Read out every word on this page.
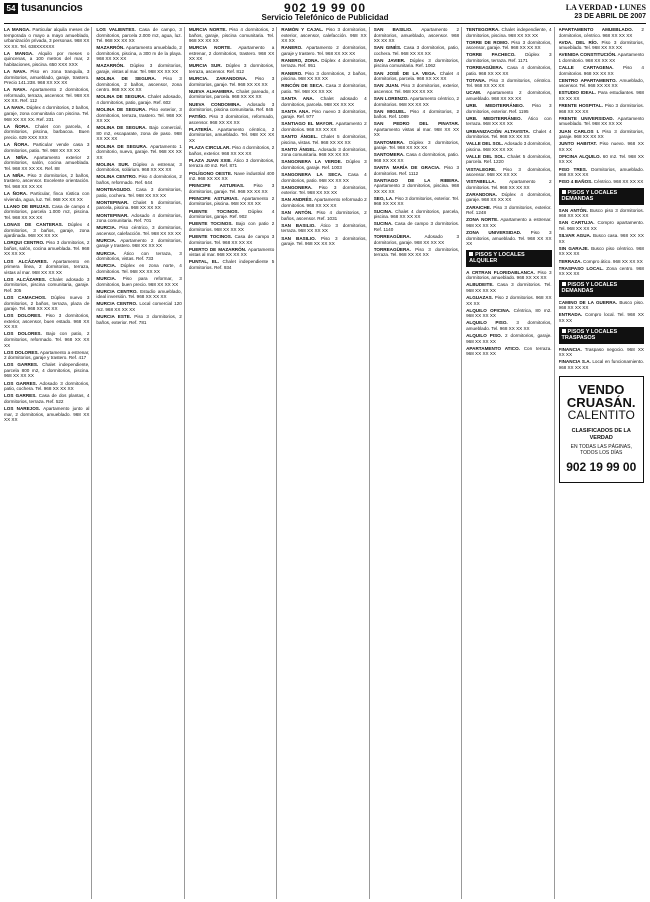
54 tusanuncios	902 19 99 00
Servicio Telefónico de Publicidad
LA VERDAD • LUNES
23 DE ABRIL DE 2007

LA MANGA. Particular alquila meses de temporada o mayo a mayo amueblado, urbanización privada, 3 personas. 968 XX XX XX. Tel. 638XXXXXX

LA MANGA. Alquilo por meses o quincenas, a 100 metros del mar, 2 habitaciones, piscina. 650 XXX XXX

LA NAVA. Piso en zona tranquila, 3 dormitorios, amueblado, garaje, trastero. Precio 141.238. 968 XX XX XX

LA NAVA. Apartamento 2 dormitorios, reformado, terraza, ascensor. Tel. 968 XX XX XX. Ref. 112

LA NAVA. Dúplex 4 dormitorios, 2 baños, garaje, zona comunitaria con piscina. Tel. 968 XX XX XX. Ref. 231

LA ÑORA. Chalet con parcela, 4 dormitorios, piscina, barbacoa. Buen precio. 629 XXX XXX

LA ÑORA. Particular vende casa 3 dormitorios, patio. Tel. 968 XX XX XX

LA NIÑA. Apartamento exterior 2 dormitorios, salón, cocina amueblada. Tel. 968 XX XX XX. Ref. 88

LA NIÑA. Piso 3 dormitorios, 2 baños, trastero, ascensor. Excelente orientación. Tel. 968 XX XX XX

LA ÑORA. Particular, finca rústica con vivienda, agua, luz. Tel. 968 XX XX XX

LLANO DE BRUJAS. Casa de campo 4 dormitorios, parcela 1.000 m2, piscina. Tel. 968 XX XX XX

LONAS DE CANTERAS. Dúplex 4 dormitorios, 3 baños, garaje, zona ajardinada. 968 XX XX XX

LORQUI CENTRO. Piso 3 dormitorios, 2 baños, salón, cocina amueblada. Tel. 968 XX XX XX

LOS ALCÁZARES. Apartamento en primera línea, 2 dormitorios, terraza, vistas al mar. 968 XX XX XX

LOS ALCÁZARES. Chalet adosado 3 dormitorios, piscina comunitaria, garaje. Ref. 305

LOS CAMACHOS. Dúplex nuevo 3 dormitorios, 2 baños, terraza, plaza de garaje. Tel. 968 XX XX XX

LOS DOLORES. Piso 3 dormitorios, exterior, ascensor, buen estado. 968 XX XX XX

LOS DOLORES. Bajo con patio, 2 dormitorios, reformado. Tel. 968 XX XX XX

LOS DOLORES. Apartamento a estrenar, 2 dormitorios, garaje y trastero. Ref. 417

LOS GARRES. Chalet independiente, parcela 800 m2, 4 dormitorios, piscina. 968 XX XX XX

LOS GARRES. Adosado 3 dormitorios, patio, cochera. Tel. 968 XX XX XX

LOS GARRES. Casa de dos plantas, 4 dormitorios, terraza. Ref. 522

LOS NAREJOS. Apartamento junto al mar, 2 dormitorios, amueblado. 968 XX XX XX

LOS VALIENTES. Casa de campo, 3 dormitorios, parcela 2.000 m2, agua, luz. Tel. 968 XX XX XX

MAZARRÓN. Apartamento amueblado, 2 dormitorios, piscina, a 300 m de la playa. 968 XX XX XX

MAZARRÓN. Dúplex 3 dormitorios, garaje, vistas al mar. Tel. 968 XX XX XX

MOLINA DE SEGURA. Piso 3 dormitorios, 2 baños, ascensor, zona centro. 968 XX XX XX

MOLINA DE SEGURA. Chalet adosado, 4 dormitorios, patio, garaje. Ref. 602

MOLINA DE SEGURA. Piso exterior, 3 dormitorios, terraza, trastero. Tel. 968 XX XX XX

MOLINA DE SEGURA. Bajo comercial, 80 m2, escaparate, zona de paso. 968 XX XX XX

MOLINA DE SEGURA. Apartamento 1 dormitorio, nuevo, garaje. Tel. 968 XX XX XX

MOLINA SUR. Dúplex a estrenar, 3 dormitorios, solárium. 968 XX XX XX

MOLINA CENTRO. Piso 4 dormitorios, 2 baños, reformado. Ref. 644

MONTEAGUDO. Casa 3 dormitorios, patio, cochera. Tel. 968 XX XX XX

MONTEPINAR. Chalet 5 dormitorios, parcela, piscina. 968 XX XX XX

MONTEPINAR. Adosado 4 dormitorios, zona comunitaria. Ref. 701

MURCIA. Piso céntrico, 3 dormitorios, ascensor, calefacción. Tel. 968 XX XX XX

MURCIA. Apartamento 2 dormitorios, garaje y trastero. 968 XX XX XX

MURCIA. Ático con terraza, 3 dormitorios, vistas. Ref. 733

MURCIA. Dúplex en zona norte, 4 dormitorios. Tel. 968 XX XX XX

MURCIA. Piso para reformar, 3 dormitorios, buen precio. 968 XX XX XX

MURCIA CENTRO. Estudio amueblado, ideal inversión. Tel. 968 XX XX XX

MURCIA CENTRO. Local comercial 120 m2. 968 XX XX XX

MURCIA ESTE. Piso 3 dormitorios, 2 baños, exterior. Ref. 781

MURCIA NORTE. Piso 4 dormitorios, 2 baños, garaje, piscina comunitaria. Tel. 968 XX XX XX

MURCIA NORTE. Apartamento a estrenar, 2 dormitorios, trastero. 968 XX XX XX

MURCIA SUR. Dúplex 3 dormitorios, terraza, ascensor. Ref. 812

MURCIA. ZARANDONA. Piso 3 dormitorios, garaje. Tel. 968 XX XX XX

NUEVA ALHAMBRA. Chalet pareado, 4 dormitorios, parcela. 968 XX XX XX

NUEVA CONDOMINA. Adosado 3 dormitorios, piscina comunitaria. Ref. 845

PATIÑO. Piso 3 dormitorios, reformado, ascensor. 968 XX XX XX

PLATERÍA. Apartamento céntrico, 2 dormitorios, amueblado. Tel. 968 XX XX XX

PLAZA CIRCULAR. Piso 4 dormitorios, 2 baños, exterior. 968 XX XX XX

PLAZA JUAN XXIII. Ático 3 dormitorios, terraza 40 m2. Ref. 871

POLÍGONO OESTE. Nave industrial 400 m2. 968 XX XX XX

PRINCIPE ASTURIAS. Piso 3 dormitorios, garaje. Tel. 968 XX XX XX

PRINCIPE ASTURIAS. Apartamento 2 dormitorios, piscina. 968 XX XX XX

PUENTE TOCINOS. Dúplex 4 dormitorios, garaje. Ref. 902

PUENTE TOCINOS. Bajo con patio 2 dormitorios. 968 XX XX XX

PUENTE TOCINOS. Casa de campo 3 dormitorios. Tel. 968 XX XX XX

PUERTO DE MAZARRÓN. Apartamento vistas al mar. 968 XX XX XX

PUNTAL, EL. Chalet independiente 5 dormitorios. Ref. 934

RAMÓN Y CAJAL. Piso 3 dormitorios, exterior, ascensor, calefacción. 968 XX XX XX

RANERO. Apartamento 2 dormitorios, garaje y trastero. Tel. 968 XX XX XX

RANERO, ZONA. Dúplex 4 dormitorios, terraza. Ref. 951

RANERO. Piso 3 dormitorios, 2 baños, piscina. 968 XX XX XX

RINCÓN DE SECA. Casa 3 dormitorios, patio. Tel. 968 XX XX XX

SANTA ANA. Chalet adosado 4 dormitorios, parcela. 968 XX XX XX

SANTA ANA. Piso nuevo 3 dormitorios, garaje. Ref. 977

SANTIAGO EL MAYOR. Apartamento 2 dormitorios. 968 XX XX XX

SANTO ÁNGEL. Chalet 5 dormitorios, piscina, vistas. Tel. 968 XX XX XX

SANTO ÁNGEL. Adosado 3 dormitorios, zona comunitaria. 968 XX XX XX

SANGONERA LA VERDE. Dúplex 3 dormitorios, garaje. Ref. 1003

SANGONERA LA SECA. Casa 4 dormitorios, patio. 968 XX XX XX

SANGONERA. Piso 3 dormitorios, exterior. Tel. 968 XX XX XX

SAN ANDRÉS. Apartamento reformado 2 dormitorios. 968 XX XX XX

SAN ANTÓN. Piso 4 dormitorios, 2 baños, ascensor. Ref. 1031

SAN BASILIO. Ático 3 dormitorios, terraza. 968 XX XX XX

SAN BASILIO. Piso 3 dormitorios, garaje. Tel. 968 XX XX XX

SAN BASILIO. Apartamento 2 dormitorios, amueblado, ascensor. 968 XX XX XX

SAN GINÉS. Casa 3 dormitorios, patio, cochera. Tel. 968 XX XX XX

SAN JAVIER. Dúplex 3 dormitorios, piscina comunitaria. Ref. 1062

SAN JOSÉ DE LA VEGA. Chalet 4 dormitorios, parcela. 968 XX XX XX

SAN JUAN. Piso 3 dormitorios, exterior, ascensor. Tel. 968 XX XX XX

SAN LORENZO. Apartamento céntrico, 2 dormitorios. 968 XX XX XX

SAN MIGUEL. Piso 4 dormitorios, 2 baños. Ref. 1089

SAN PEDRO DEL PINATAR. Apartamento vistas al mar. 968 XX XX XX

SANTOMERA. Dúplex 3 dormitorios, garaje. Tel. 968 XX XX XX

SANTOMERA. Casa 4 dormitorios, patio. 968 XX XX XX

SANTA MARÍA DE GRACIA. Piso 3 dormitorios. Ref. 1112

SANTIAGO DE LA RIBERA. Apartamento 2 dormitorios, piscina. 968 XX XX XX

SEO, LA. Piso 3 dormitorios, exterior. Tel. 968 XX XX XX

SUCINA. Chalet 4 dormitorios, parcela, piscina. 968 XX XX XX

SUCINA. Casa de campo 3 dormitorios. Ref. 1140

TORREAGÜERA. Adosado 3 dormitorios, garaje. 968 XX XX XX

TORREAGÜERA. Piso 3 dormitorios, terraza. Tel. 968 XX XX XX

TENTEGORRA. Chalet independiente, 4 dormitorios, piscina. 968 XX XX XX

TORRE DE ROMO. Piso 3 dormitorios, ascensor, garaje. Tel. 968 XX XX XX

TORRE PACHECO. Dúplex 3 dormitorios, terraza. Ref. 1171

TORREAGÜERA. Casa 4 dormitorios, patio. 968 XX XX XX

TOTANA. Piso 3 dormitorios, céntrico. Tel. 968 XX XX XX

UCAM. Apartamento 2 dormitorios, amueblado. 968 XX XX XX

URB. MEDITERRÁNEO. Piso 3 dormitorios, exterior. Ref. 1195

URB. MEDITERRÁNEO. Ático con terraza. 968 XX XX XX

URBANIZACIÓN ALTAVISTA. Chalet 4 dormitorios. Tel. 968 XX XX XX

VALLE DEL SOL. Adosado 3 dormitorios, piscina. 968 XX XX XX

VALLE DEL SOL. Chalet 5 dormitorios, parcela. Ref. 1220

VISTALEGRE. Piso 3 dormitorios, ascensor. 968 XX XX XX

VISTABELLA. Apartamento 2 dormitorios. Tel. 968 XX XX XX

ZARANDONA. Dúplex 4 dormitorios, garaje. 968 XX XX XX

ZARAICHE. Piso 3 dormitorios, exterior. Ref. 1248

ZONA NORTE. Apartamento a estrenar. 968 XX XX XX

ZONA UNIVERSIDAD. Piso 3 dormitorios, amueblado. Tel. 968 XX XX XX

PISOS Y LOCALES ALQUILER

A CRTRAN FLORIDABLANCA. Piso 3 dormitorios, amueblado. 968 XX XX XX

ALBUDEITE. Casa 3 dormitorios. Tel. 968 XX XX XX

ALGUAZAS. Piso 2 dormitorios. 968 XX XX XX

ALQUILO OFICINA. Céntrica, 80 m2. 968 XX XX XX

ALQUILO PISO. 3 dormitorios, amueblado. Tel. 968 XX XX XX

ALQUILO PISO. 2 dormitorios, garaje. 968 XX XX XX

APARTAMENTO ATICO. Con terraza. 968 XX XX XX

APARTAMENTO AMUEBLADO. 2 dormitorios, céntrico. 968 XX XX XX

AVDA. DEL RÍO. Piso 3 dormitorios, amueblado. Tel. 968 XX XX XX

AVENIDA CONSTITUCIÓN. Apartamento 1 dormitorio. 968 XX XX XX

CALLE CARTAGENA. Piso 4 dormitorios. 968 XX XX XX

CENTRO APARTAMENTO. Amueblado, ascensor. Tel. 968 XX XX XX

ESTUDIO IDEAL. Para estudiantes. 968 XX XX XX

FRENTE HOSPITAL. Piso 3 dormitorios. 968 XX XX XX

FRENTE UNIVERSIDAD. Apartamento amueblado. Tel. 968 XX XX XX

JUAN CARLOS I. Piso 3 dormitorios, garaje. 968 XX XX XX

JUNTO HABITAT. Piso nuevo. 968 XX XX XX

OFICINA ALQUILO. 60 m2. Tel. 968 XX XX XX

PISO TRES. Dormitorios, amueblado. 968 XX XX XX

PISO 4 BAÑOS. Céntrico. 968 XX XX XX

PISOS Y LOCALES DEMANDAS

SAN ANTÓN. Busco piso 3 dormitorios. 968 XX XX XX

SAN CARTUJA. Compro apartamento. Tel. 968 XX XX XX

SILVAR AGUA. Busco casa. 968 XX XX XX

SIN GARAJE. Busco piso céntrico. 968 XX XX XX

TERRAZA. Compro ático. 968 XX XX XX

TRASPASO LOCAL. Zona centro. 968 XX XX XX

PISOS Y LOCALES DEMANDAS

CAMINO DE LA GUERRA. Busco piso. 968 XX XX XX

ENTRADA. Compro local. Tel. 968 XX XX XX

PISOS Y LOCALES TRASPASOS

FINANCIA. Traspaso negocio. 968 XX XX XX

FINANCIA S.A. Local en funcionamiento. 968 XX XX XX

VENDO
CRUASÁN.
CALENTITO
CLASIFICADOS DE LA VERDAD
EN TODAS LAS PÁGINAS, TODOS LOS DÍAS
902 19 99 00
